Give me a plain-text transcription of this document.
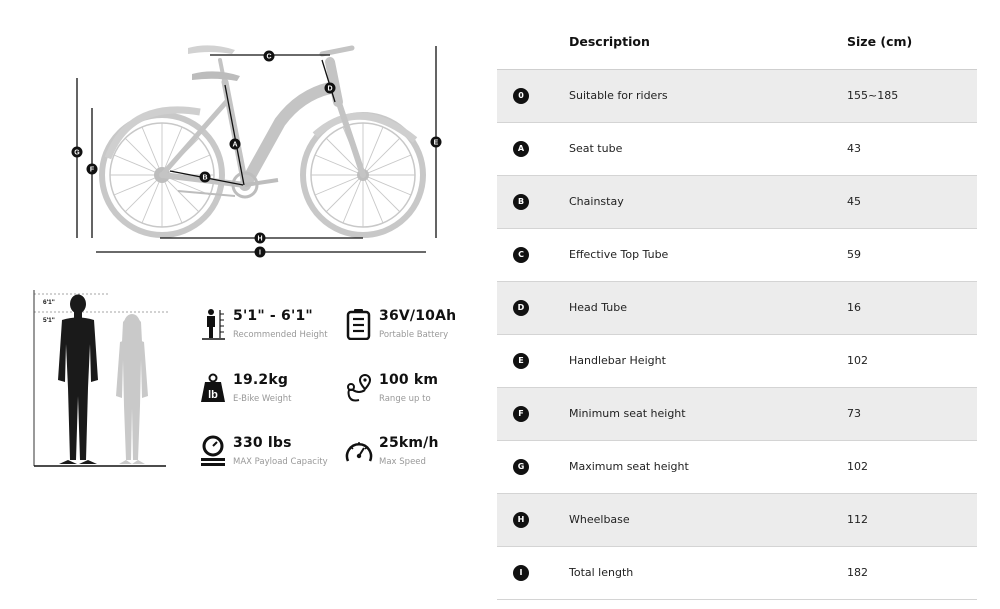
C
D
A
B
G
F
E
H
I
6'1"
5'1"	5'1" - 6'1"
Recommended Height
36V/10Ah
Portable Battery
lb
19.2kg
E-Bike Weight
100 km
Range up to
330 lbs
MAX Payload Capacity
25km/h
Max Speed
Description	Size (cm)
0	Suitable for riders	155~185
A	Seat tube	43
B	Chainstay	45
C	Effective Top Tube	59
D	Head Tube	16
E	Handlebar Height	102
F	Minimum seat height	73
G	Maximum seat height	102
H	Wheelbase	112
I	Total length	182
